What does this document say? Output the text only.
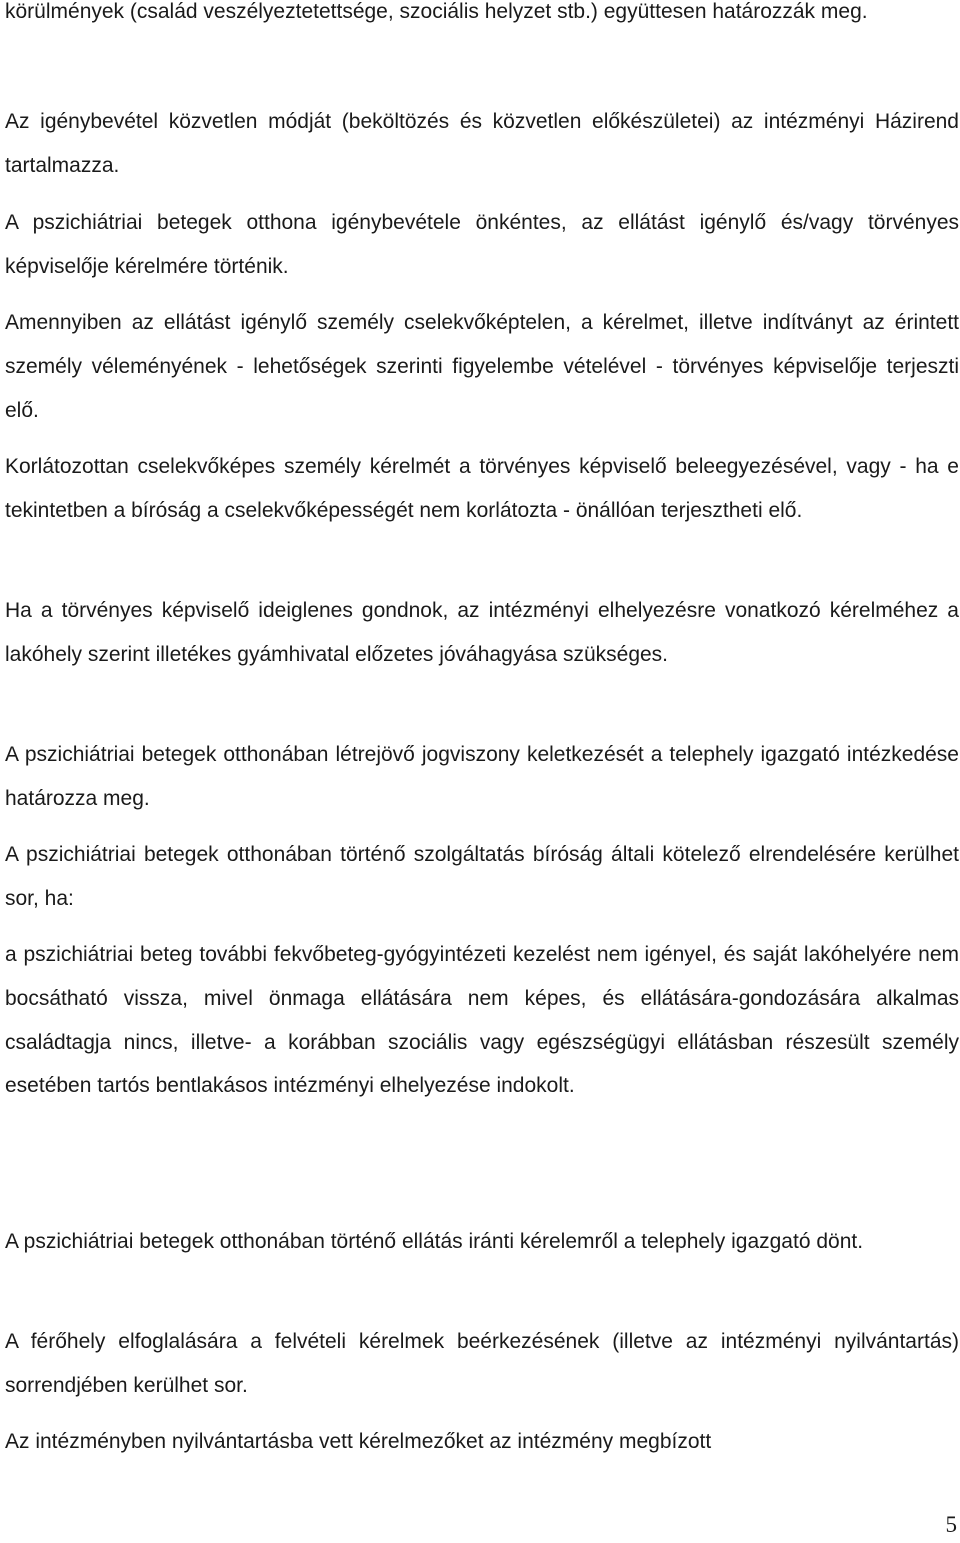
körülmények (család veszélyeztetettsége, szociális helyzet stb.) együttesen határozzák meg.

Az igénybevétel közvetlen módját (beköltözés és közvetlen előkészületei) az intézményi Házirend tartalmazza.

A pszichiátriai betegek otthona igénybevétele önkéntes, az ellátást igénylő és/vagy törvényes képviselője kérelmére történik.

Amennyiben az ellátást igénylő személy cselekvőképtelen, a kérelmet, illetve indítványt az érintett személy véleményének - lehetőségek szerinti figyelembe vételével - törvényes képviselője terjeszti elő.

Korlátozottan cselekvőképes személy kérelmét a törvényes képviselő beleegyezésével, vagy - ha e tekintetben a bíróság a cselekvőképességét nem korlátozta - önállóan terjesztheti elő.

Ha a törvényes képviselő ideiglenes gondnok, az intézményi elhelyezésre vonatkozó kérelméhez a lakóhely szerint illetékes gyámhivatal előzetes jóváhagyása szükséges.

A pszichiátriai betegek otthonában létrejövő jogviszony keletkezését a telephely igazgató intézkedése határozza meg.

A pszichiátriai betegek otthonában történő szolgáltatás bíróság általi kötelező elrendelésére kerülhet sor, ha:

a pszichiátriai beteg további fekvőbeteg-gyógyintézeti kezelést nem igényel, és saját lakóhelyére nem bocsátható vissza, mivel önmaga ellátására nem képes, és ellátására-gondozására alkalmas családtagja nincs, illetve- a korábban szociális vagy egészségügyi ellátásban részesült személy esetében tartós bentlakásos intézményi elhelyezése indokolt.

A pszichiátriai betegek otthonában történő ellátás iránti kérelemről a telephely igazgató dönt.

A férőhely elfoglalására a felvételi kérelmek beérkezésének (illetve az intézményi nyilvántartás) sorrendjében kerülhet sor.

Az intézményben nyilvántartásba vett kérelmezőket az intézmény megbízott

5
